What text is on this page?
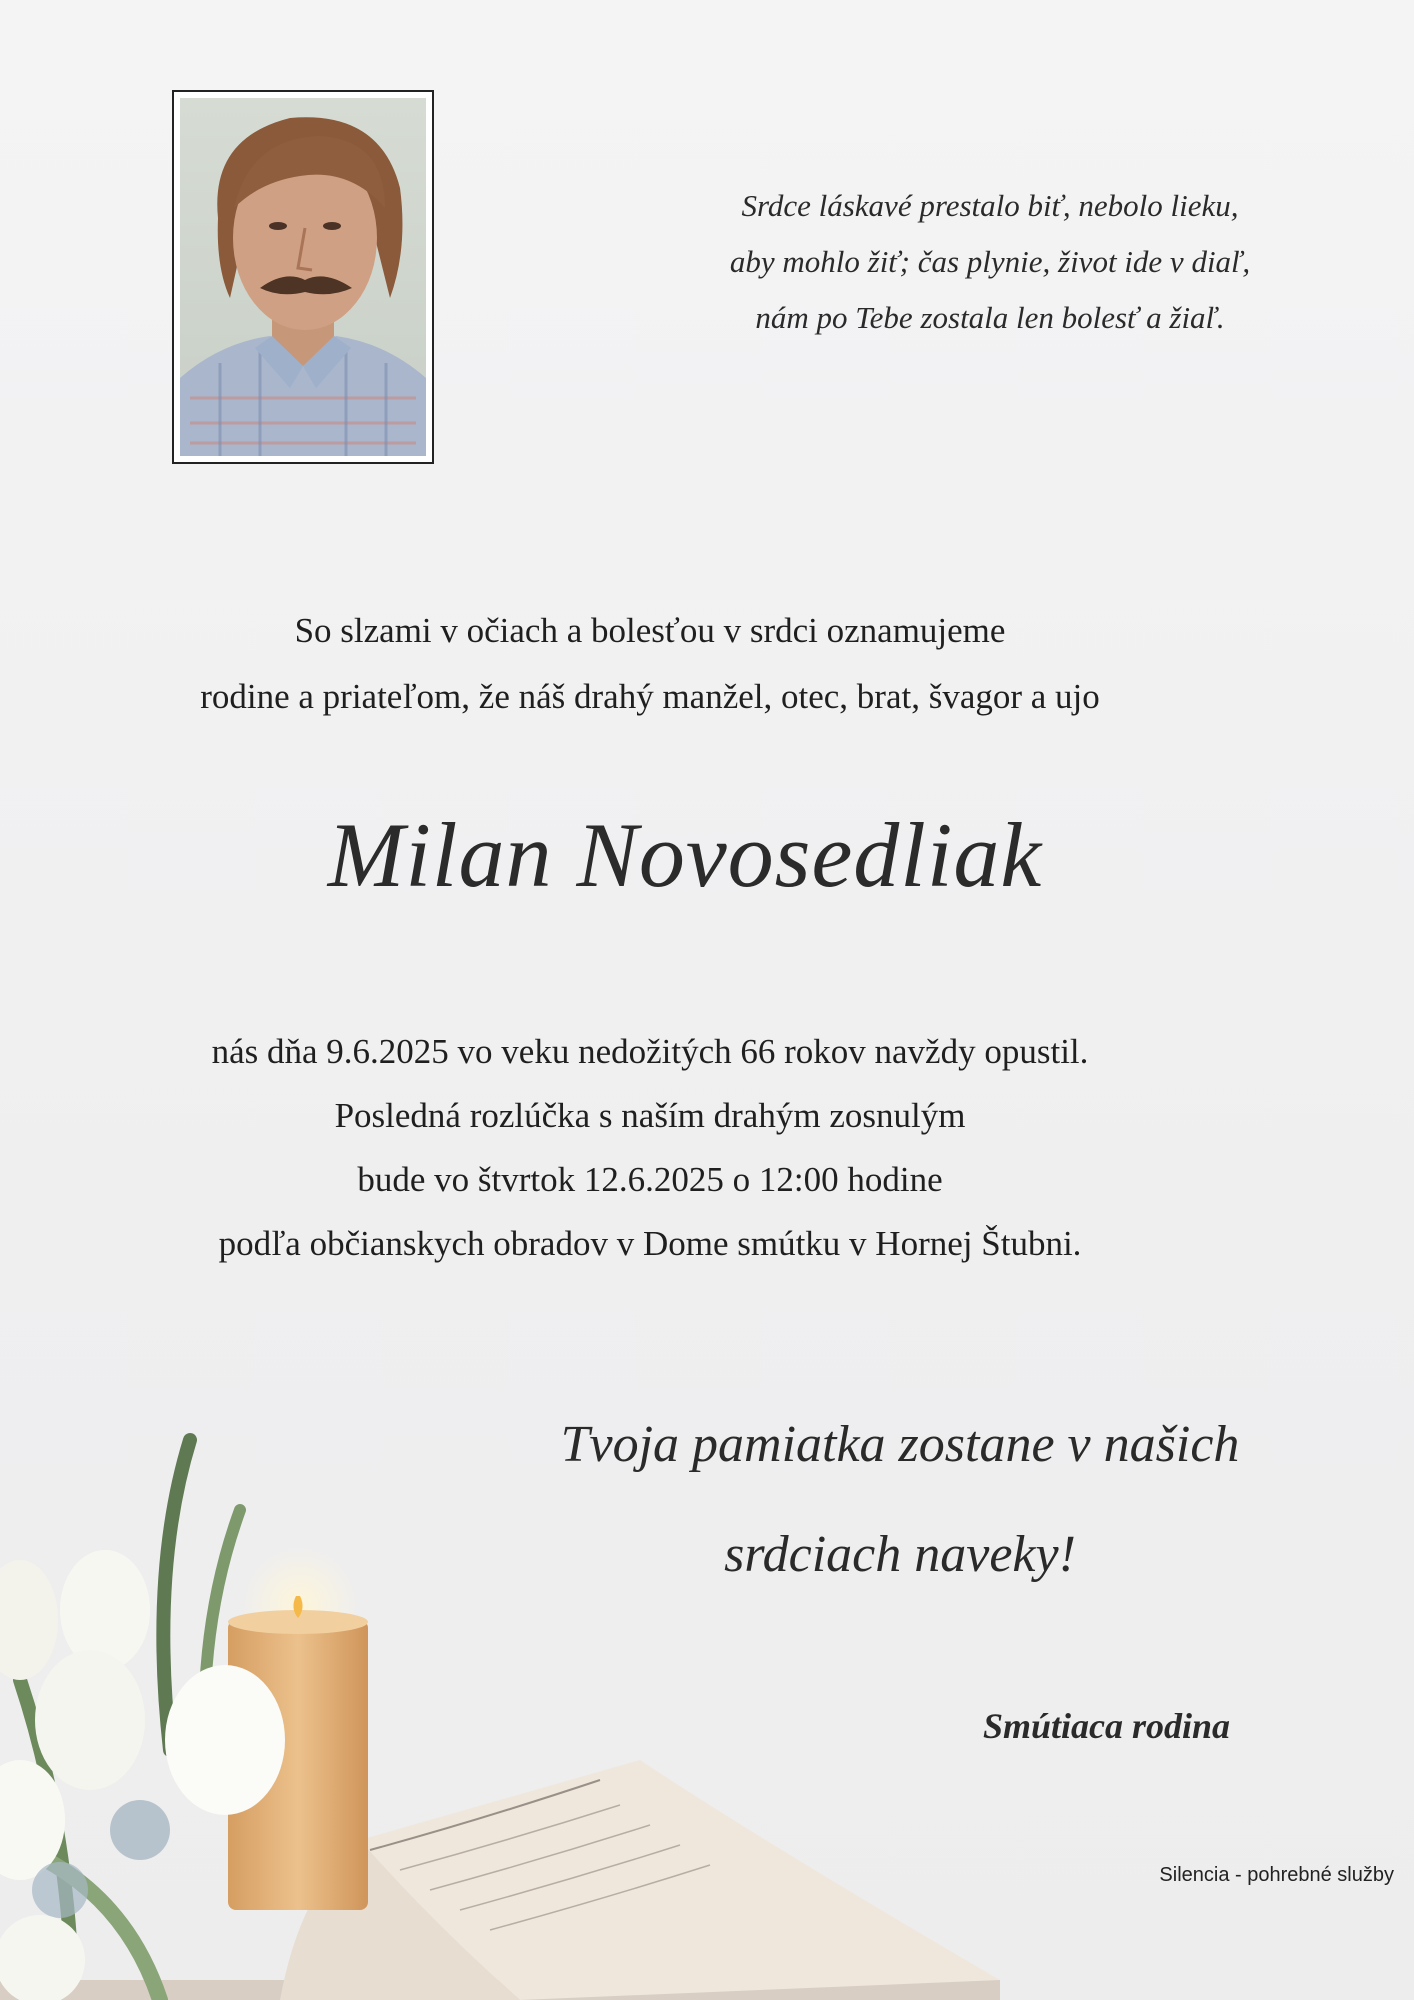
Srdce láskavé prestalo biť, nebolo lieku,
aby mohlo žiť; čas plynie, život ide v diaľ,
nám po Tebe zostala len bolesť a žiaľ.
So slzami v očiach a bolesťou v srdci oznamujeme
rodine a priateľom, že náš drahý manžel, otec, brat, švagor a ujo
Milan Novosedliak
nás dňa 9.6.2025 vo veku nedožitých 66 rokov navždy opustil.
Posledná rozlúčka s naším drahým zosnulým
bude vo štvrtok 12.6.2025 o 12:00 hodine
podľa občianskych obradov v Dome smútku v Hornej Štubni.
Tvoja pamiatka zostane v našich
srdciach naveky!
Smútiaca rodina
Silencia - pohrebné služby
